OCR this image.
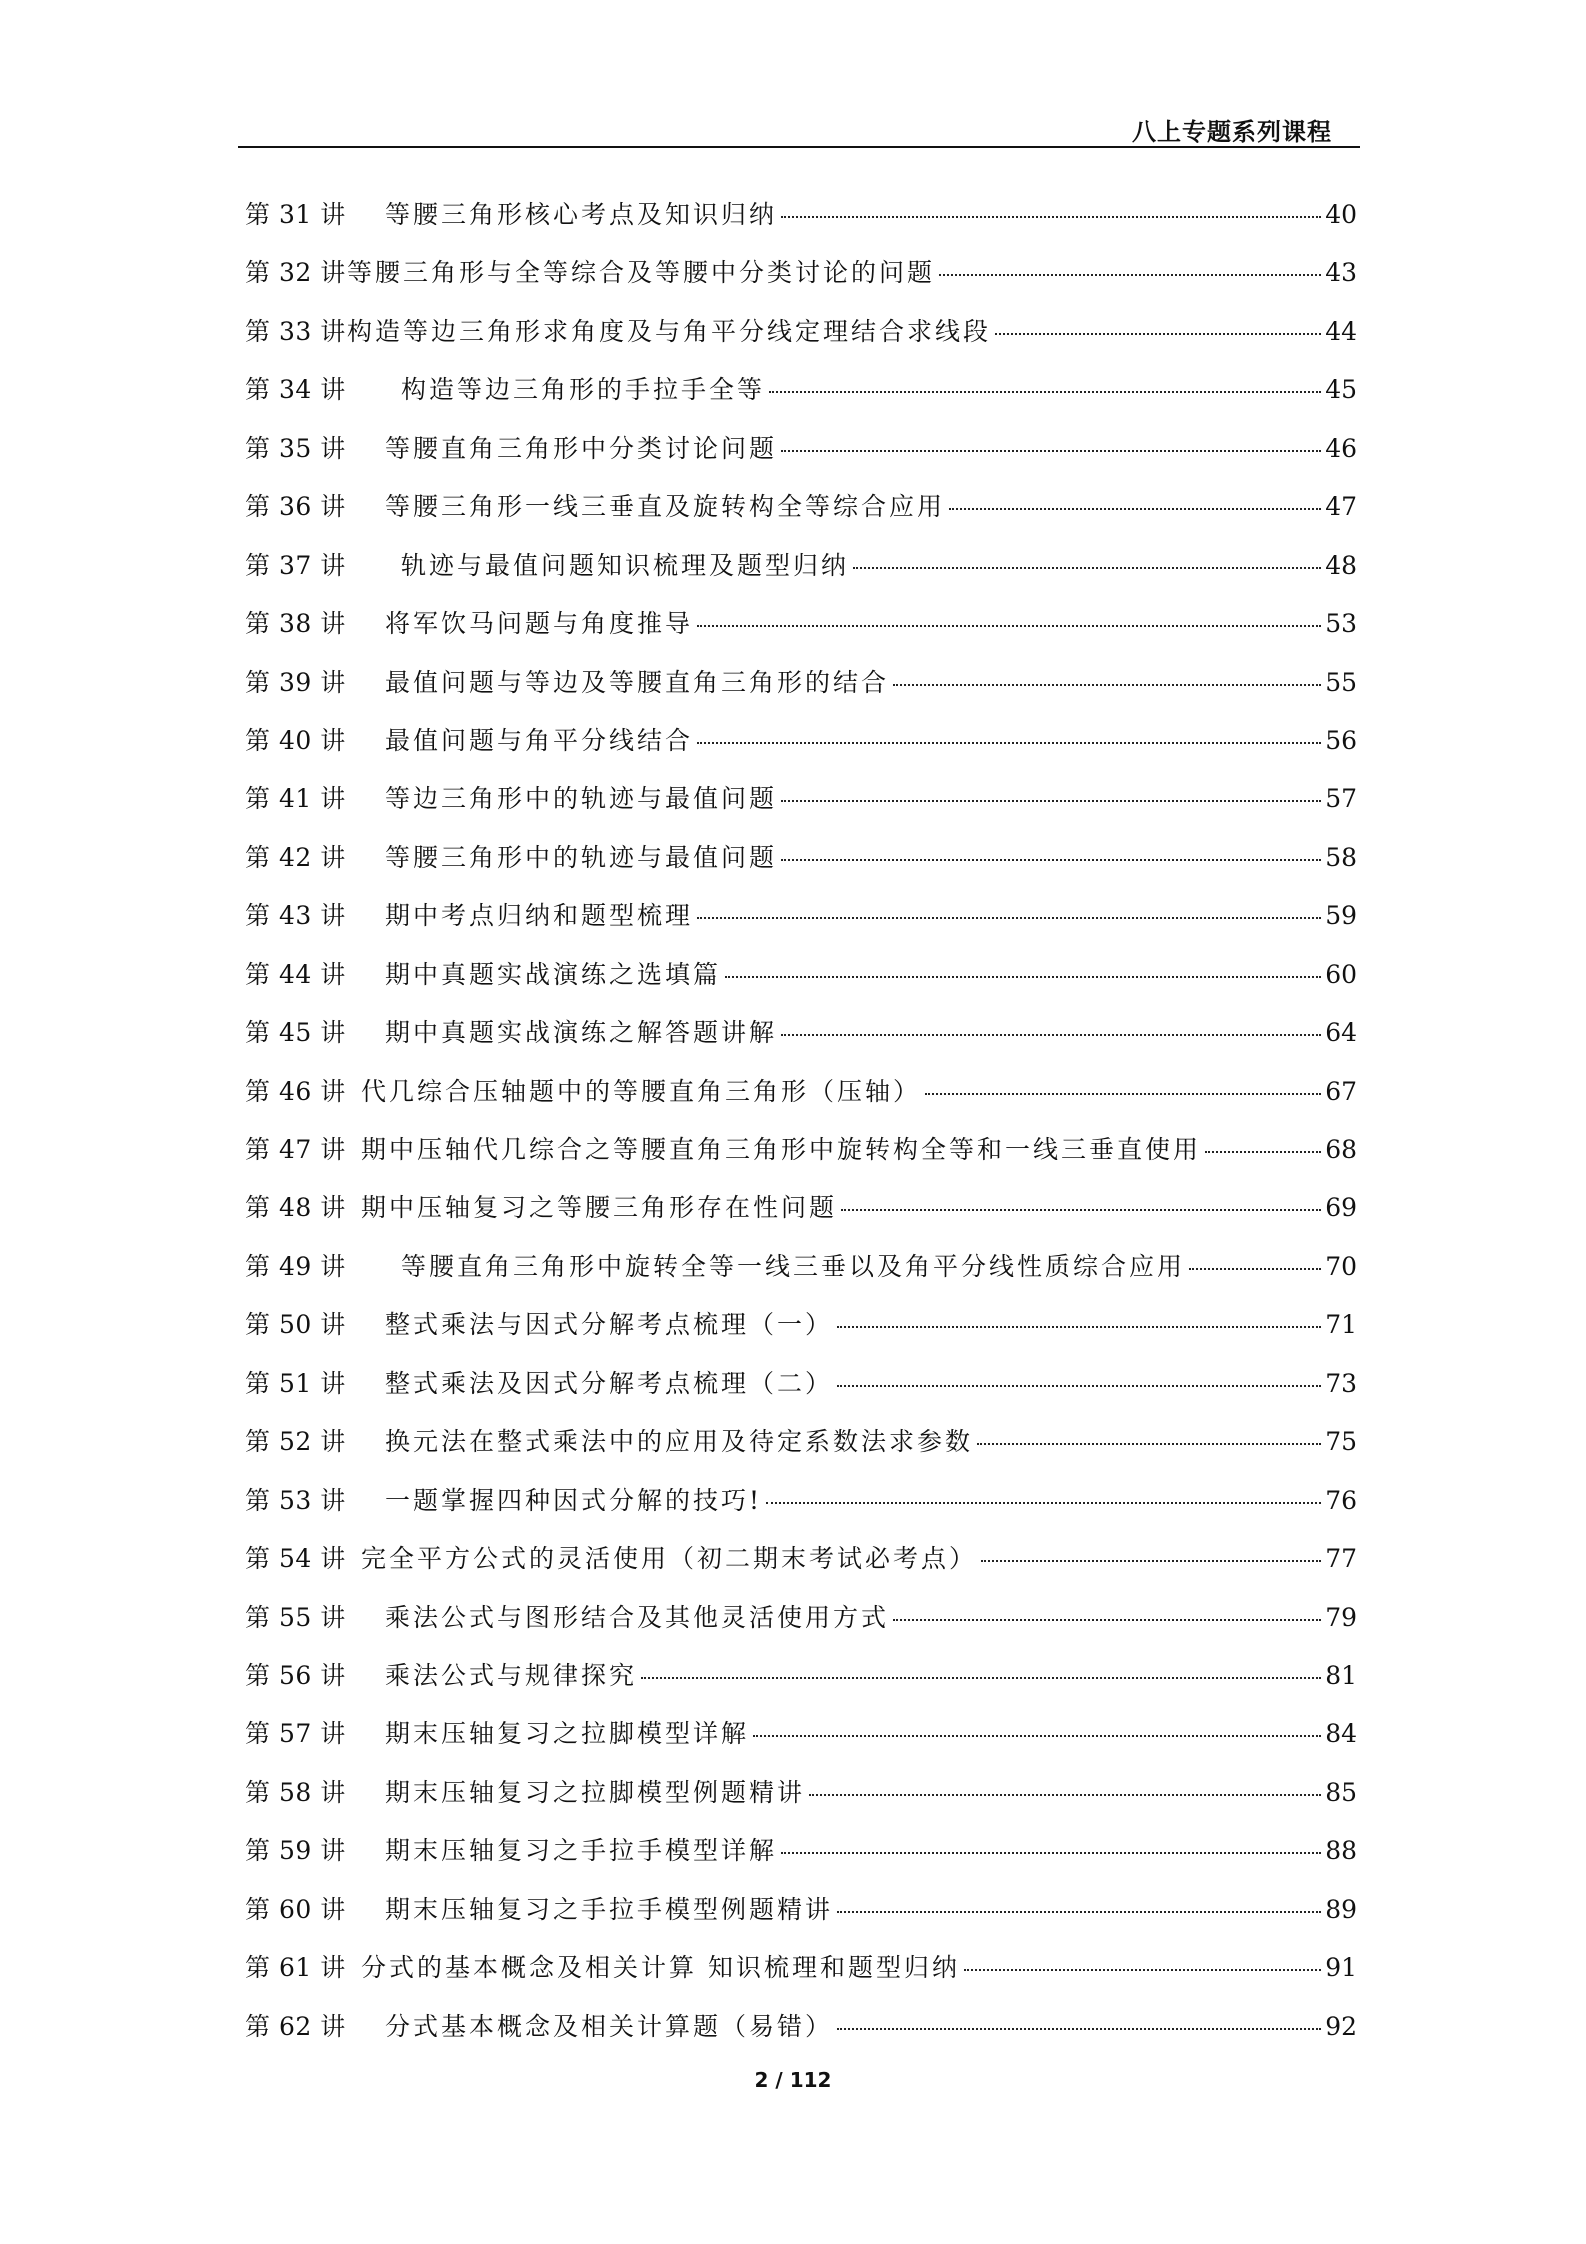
八上专题系列课程
第 31 讲 等腰三角形核心考点及知识归纳	40
第 32 讲 等腰三角形与全等综合及等腰中分类讨论的问题	43
第 33 讲 构造等边三角形求角度及与角平分线定理结合求线段	44
第 34 讲 构造等边三角形的手拉手全等	45
第 35 讲 等腰直角三角形中分类讨论问题	46
第 36 讲 等腰三角形一线三垂直及旋转构全等综合应用	47
第 37 讲 轨迹与最值问题知识梳理及题型归纳	48
第 38 讲 将军饮马问题与角度推导	53
第 39 讲 最值问题与等边及等腰直角三角形的结合	55
第 40 讲 最值问题与角平分线结合	56
第 41 讲 等边三角形中的轨迹与最值问题	57
第 42 讲 等腰三角形中的轨迹与最值问题	58
第 43 讲 期中考点归纳和题型梳理	59
第 44 讲 期中真题实战演练之选填篇	60
第 45 讲 期中真题实战演练之解答题讲解	64
第 46 讲 代几综合压轴题中的等腰直角三角形（压轴）	67
第 47 讲 期中压轴代几综合之等腰直角三角形中旋转构全等和一线三垂直使用	68
第 48 讲 期中压轴复习之等腰三角形存在性问题	69
第 49 讲 等腰直角三角形中旋转全等一线三垂以及角平分线性质综合应用	70
第 50 讲 整式乘法与因式分解考点梳理（一）	71
第 51 讲 整式乘法及因式分解考点梳理（二）	73
第 52 讲 换元法在整式乘法中的应用及待定系数法求参数	75
第 53 讲 一题掌握四种因式分解的技巧!	76
第 54 讲 完全平方公式的灵活使用（初二期末考试必考点）	77
第 55 讲 乘法公式与图形结合及其他灵活使用方式	79
第 56 讲 乘法公式与规律探究	81
第 57 讲 期末压轴复习之拉脚模型详解	84
第 58 讲 期末压轴复习之拉脚模型例题精讲	85
第 59 讲 期末压轴复习之手拉手模型详解	88
第 60 讲 期末压轴复习之手拉手模型例题精讲	89
第 61 讲 分式的基本概念及相关计算 知识梳理和题型归纳	91
第 62 讲 分式基本概念及相关计算题（易错）	92
2 / 112
